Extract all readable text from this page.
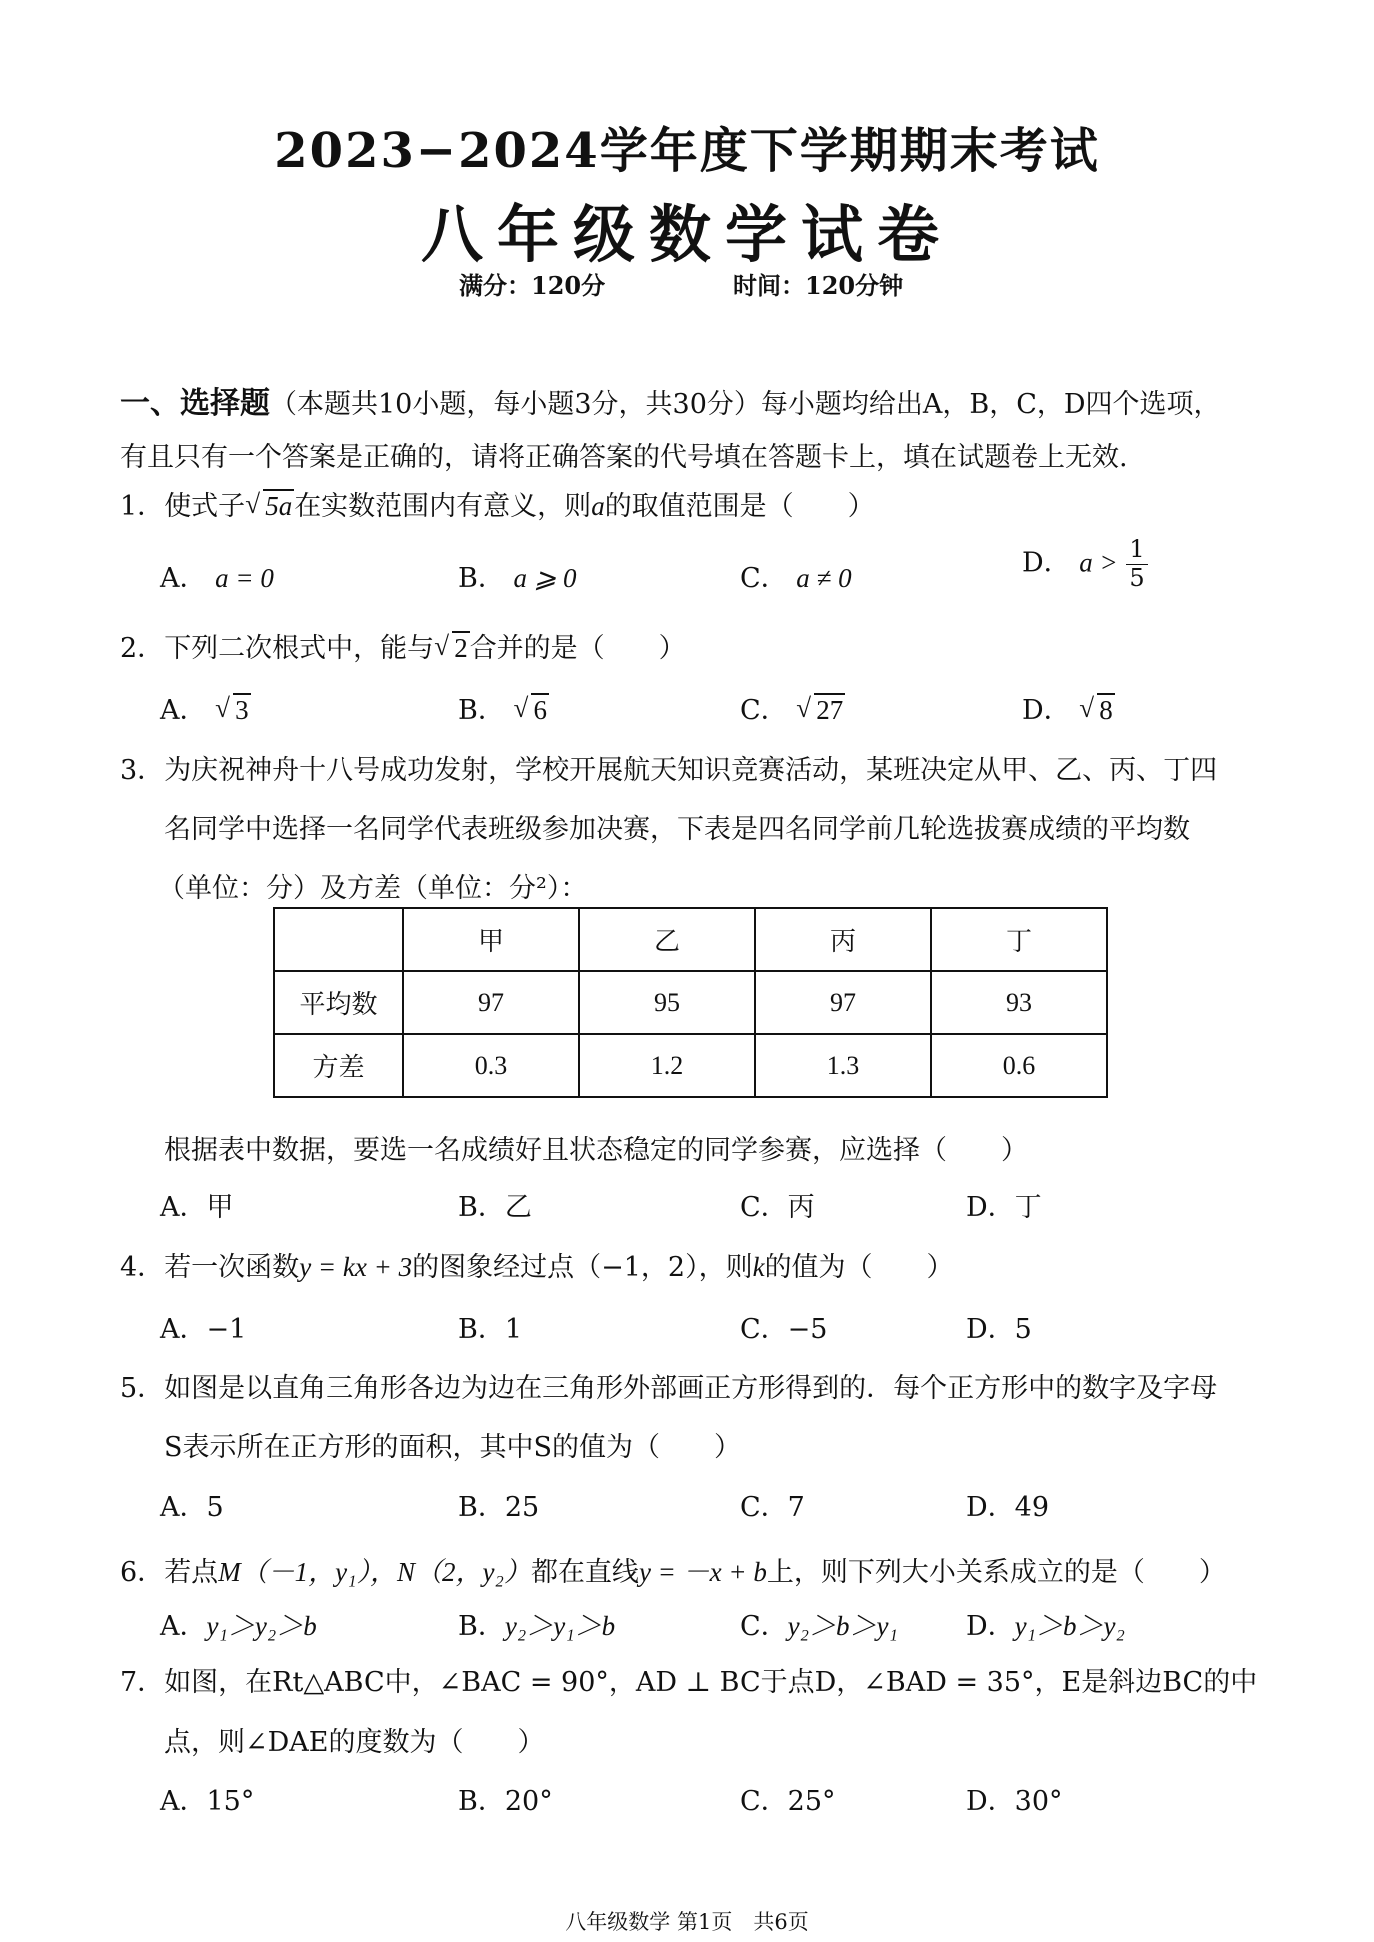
2023−2024学年度下学期期末考试
八年级数学试卷
满分：120分	时间：120分钟
一、选择题（本题共10小题，每小题3分，共30分）每小题均给出A，B，C，D四个选项，
有且只有一个答案是正确的，请将正确答案的代号填在答题卡上，填在试题卷上无效.
1．使式子 √ 5a在实数范围内有意义，则a的取值范围是（　　）
A． a = 0	B． a ⩾ 0	C． a ≠ 0	D． $a > \frac{1}{5}$
2．下列二次根式中，能与 √ 2合并的是（　　）
A． √ 3	B． √ 6	C． √ 27	D． √ 8
3．为庆祝神舟十八号成功发射，学校开展航天知识竞赛活动，某班决定从甲、乙、丙、丁四
名同学中选择一名同学代表班级参加决赛，下表是四名同学前几轮选拔赛成绩的平均数
（单位：分）及方差（单位：分²）：
	甲	乙	丙	丁
平均数	97	95	97	93
方差	0.3	1.2	1.3	0.6
根据表中数据，要选一名成绩好且状态稳定的同学参赛，应选择（　　）
A．甲	B．乙	C．丙	D．丁
4．若一次函数y = kx + 3的图象经过点（−1，2），则k的值为（　　）
A．−1	B．1	C．−5	D．5
5．如图是以直角三角形各边为边在三角形外部画正方形得到的．每个正方形中的数字及字母
S表示所在正方形的面积，其中S的值为（　　）
A．5	B．25	C．7	D．49
6．若点M（－1，y₁），N（2，y₂）都在直线y = －x + b上，则下列大小关系成立的是（　　）
A．y₁＞y₂＞b	B．y₂＞y₁＞b	C．y₂＞b＞y₁	D．y₁＞b＞y₂
7．如图，在Rt△ABC中，∠BAC = 90°，AD ⊥ BC于点D，∠BAD = 35°，E是斜边BC的中
点，则∠DAE的度数为（　　）
A．15°	B．20°	C．25°	D．30°
八年级数学 第1页　共6页
